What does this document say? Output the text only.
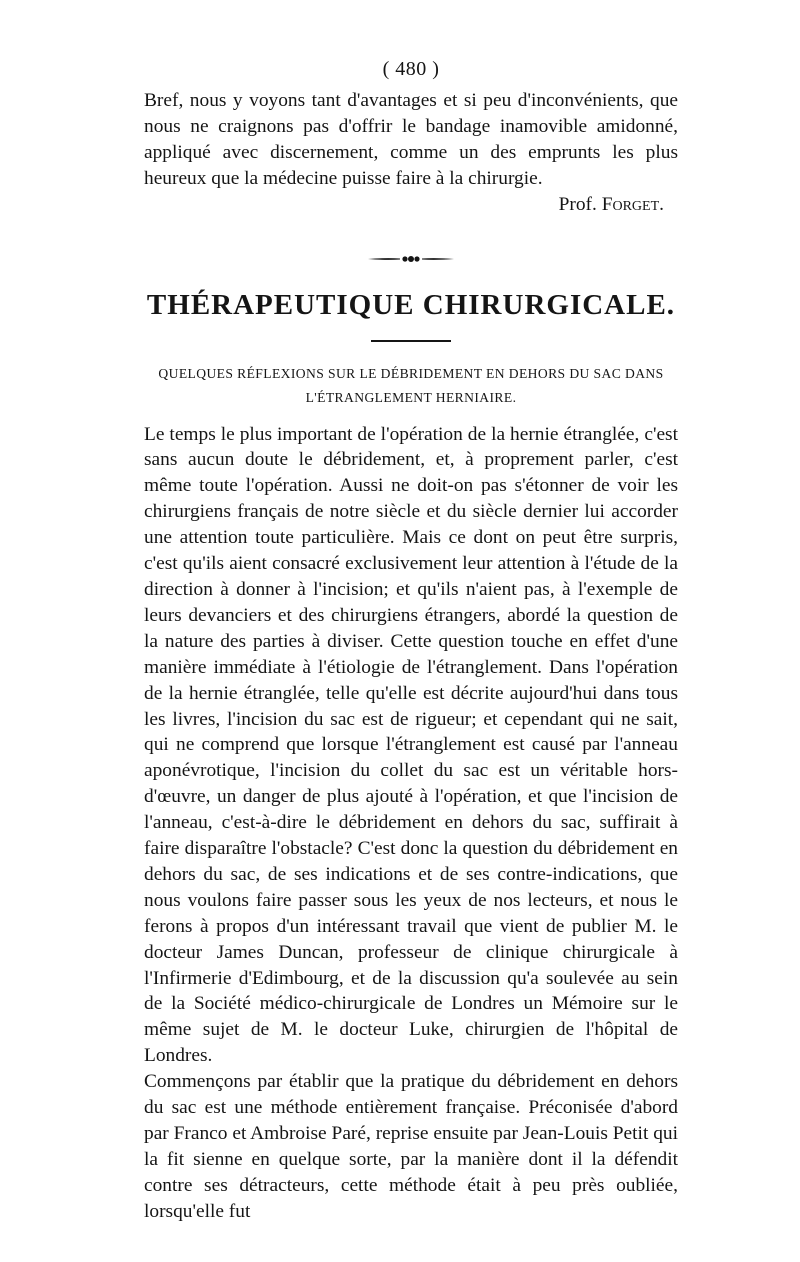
( 480 )

Bref, nous y voyons tant d'avantages et si peu d'inconvénients, que nous ne craignons pas d'offrir le bandage inamovible amidonné, appliqué avec discernement, comme un des emprunts les plus heureux que la médecine puisse faire à la chirurgie.

Prof. Forget.
THÉRAPEUTIQUE CHIRURGICALE.
QUELQUES RÉFLEXIONS SUR LE DÉBRIDEMENT EN DEHORS DU SAC DANS
L'ÉTRANGLEMENT HERNIAIRE.

Le temps le plus important de l'opération de la hernie étranglée, c'est sans aucun doute le débridement, et, à proprement parler, c'est même toute l'opération. Aussi ne doit-on pas s'étonner de voir les chirurgiens français de notre siècle et du siècle dernier lui accorder une attention toute particulière. Mais ce dont on peut être surpris, c'est qu'ils aient consacré exclusivement leur attention à l'étude de la direction à donner à l'incision; et qu'ils n'aient pas, à l'exemple de leurs devanciers et des chirurgiens étrangers, abordé la question de la nature des parties à diviser. Cette question touche en effet d'une manière immédiate à l'étiologie de l'étranglement. Dans l'opération de la hernie étranglée, telle qu'elle est décrite aujourd'hui dans tous les livres, l'incision du sac est de rigueur; et cependant qui ne sait, qui ne comprend que lorsque l'étranglement est causé par l'anneau aponévrotique, l'incision du collet du sac est un véritable hors-d'œuvre, un danger de plus ajouté à l'opération, et que l'incision de l'anneau, c'est-à-dire le débridement en dehors du sac, suffirait à faire disparaître l'obstacle? C'est donc la question du débridement en dehors du sac, de ses indications et de ses contre-indications, que nous voulons faire passer sous les yeux de nos lecteurs, et nous le ferons à propos d'un intéressant travail que vient de publier M. le docteur James Duncan, professeur de clinique chirurgicale à l'Infirmerie d'Edimbourg, et de la discussion qu'a soulevée au sein de la Société médico-chirurgicale de Londres un Mémoire sur le même sujet de M. le docteur Luke, chirurgien de l'hôpital de Londres.

Commençons par établir que la pratique du débridement en dehors du sac est une méthode entièrement française. Préconisée d'abord par Franco et Ambroise Paré, reprise ensuite par Jean-Louis Petit qui la fit sienne en quelque sorte, par la manière dont il la défendit contre ses détracteurs, cette méthode était à peu près oubliée, lorsqu'elle fut
